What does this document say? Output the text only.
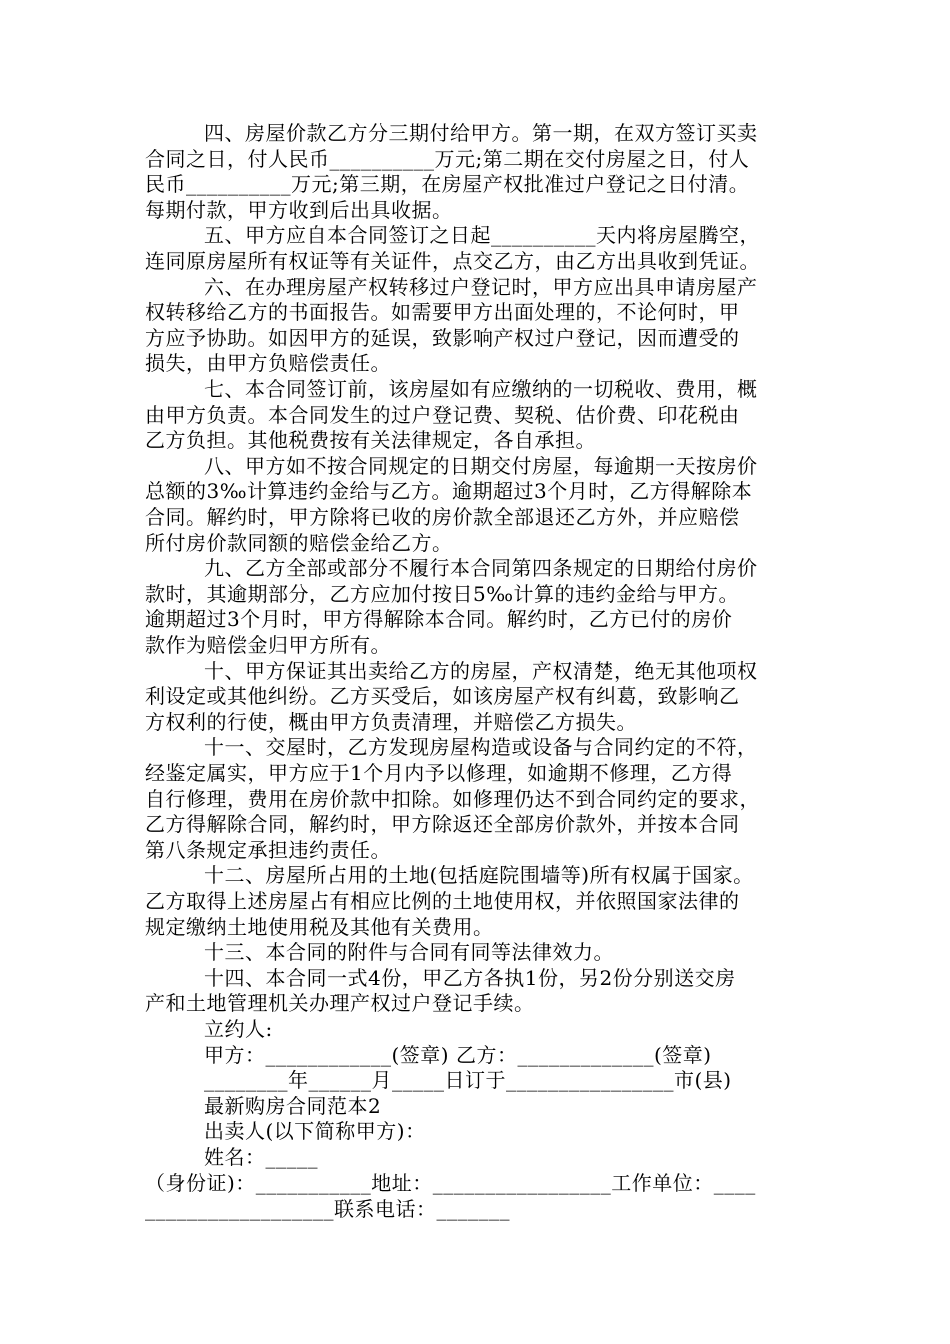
四、房屋价款乙方分三期付给甲方。第一期，在双方签订买卖
合同之日，付人民币__________万元;第二期在交付房屋之日，付人
民币__________万元;第三期，在房屋产权批准过户登记之日付清。
每期付款，甲方收到后出具收据。
五、甲方应自本合同签订之日起__________天内将房屋腾空，
连同原房屋所有权证等有关证件，点交乙方，由乙方出具收到凭证。
六、在办理房屋产权转移过户登记时，甲方应出具申请房屋产
权转移给乙方的书面报告。如需要甲方出面处理的，不论何时，甲
方应予协助。如因甲方的延误，致影响产权过户登记，因而遭受的
损失，由甲方负赔偿责任。
七、本合同签订前，该房屋如有应缴纳的一切税收、费用，概
由甲方负责。本合同发生的过户登记费、契税、估价费、印花税由
乙方负担。其他税费按有关法律规定，各自承担。
八、甲方如不按合同规定的日期交付房屋，每逾期一天按房价
总额的3‰计算违约金给与乙方。逾期超过3个月时，乙方得解除本
合同。解约时，甲方除将已收的房价款全部退还乙方外，并应赔偿
所付房价款同额的赔偿金给乙方。
九、乙方全部或部分不履行本合同第四条规定的日期给付房价
款时，其逾期部分，乙方应加付按日5‰计算的违约金给与甲方。
逾期超过3个月时，甲方得解除本合同。解约时，乙方已付的房价
款作为赔偿金归甲方所有。
十、甲方保证其出卖给乙方的房屋，产权清楚，绝无其他项权
利设定或其他纠纷。乙方买受后，如该房屋产权有纠葛，致影响乙
方权利的行使，概由甲方负责清理，并赔偿乙方损失。
十一、交屋时，乙方发现房屋构造或设备与合同约定的不符，
经鉴定属实，甲方应于1个月内予以修理，如逾期不修理，乙方得
自行修理，费用在房价款中扣除。如修理仍达不到合同约定的要求，
乙方得解除合同，解约时，甲方除返还全部房价款外，并按本合同
第八条规定承担违约责任。
十二、房屋所占用的土地(包括庭院围墙等)所有权属于国家。
乙方取得上述房屋占有相应比例的土地使用权，并依照国家法律的
规定缴纳土地使用税及其他有关费用。
十三、本合同的附件与合同有同等法律效力。
十四、本合同一式4份，甲乙方各执1份，另2份分别送交房
产和土地管理机关办理产权过户登记手续。
立约人:
甲方：____________(签章) 乙方：_____________(签章)
________年______月_____日订于________________市(县)
最新购房合同范本2
出卖人(以下简称甲方)：
姓名：_____
（身份证)：___________地址：_________________工作单位：____
__________________联系电话：_______
